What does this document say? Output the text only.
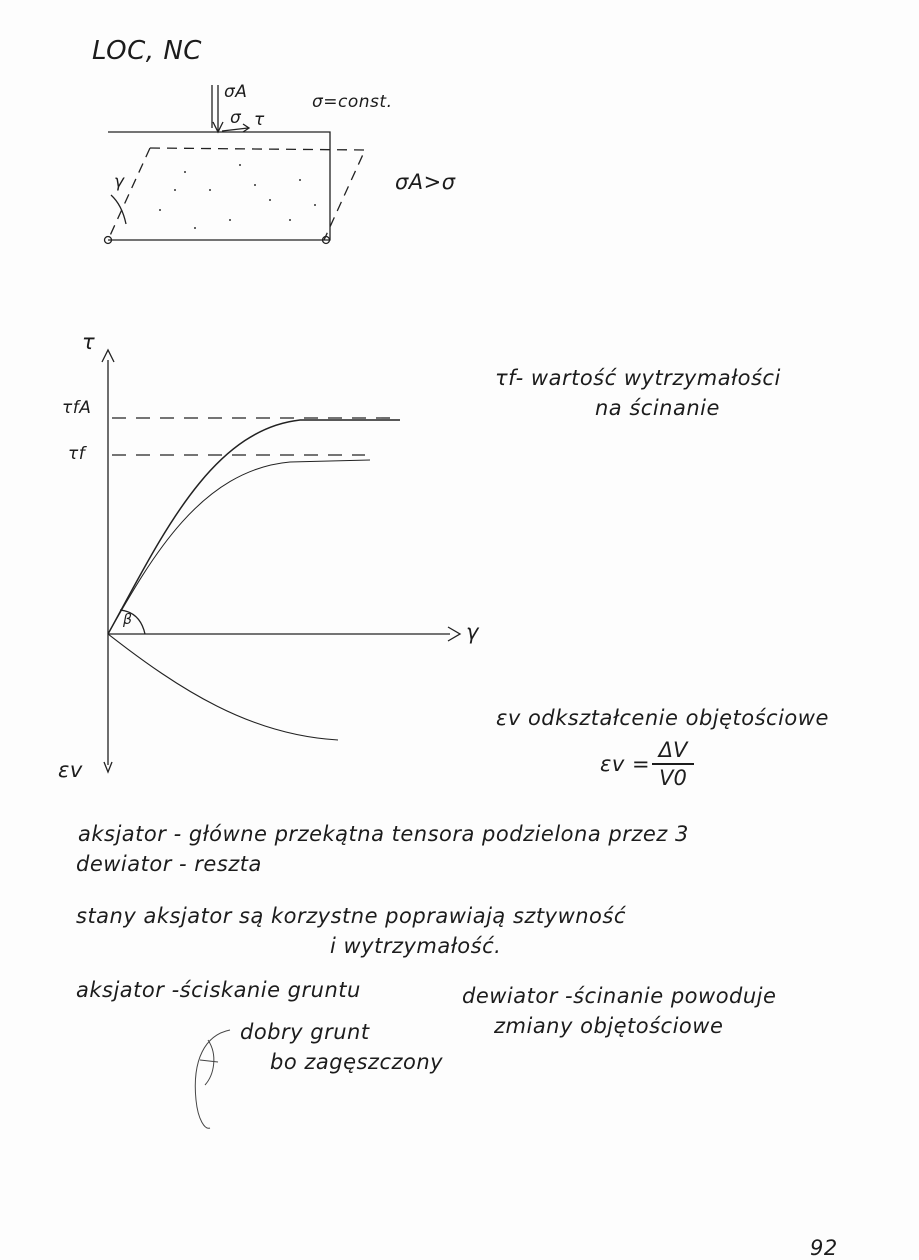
LOC, NC
σA
σ τ
σ=const.
γ	σA>σ
τ
γ
εv
τfA
τf
β
τf- wartość wytrzymałości
na ścinanie
εv odkształcenie objętościowe
εv =
ΔV
V0
aksjator - główne przekątna tensora podzielona przez 3
dewiator - reszta
stany aksjator są korzystne poprawiają sztywność
i wytrzymałość.
aksjator -ściskanie gruntu	dewiator -ścinanie powoduje
zmiany objętościowe
dobry grunt
bo zagęszczony
92
